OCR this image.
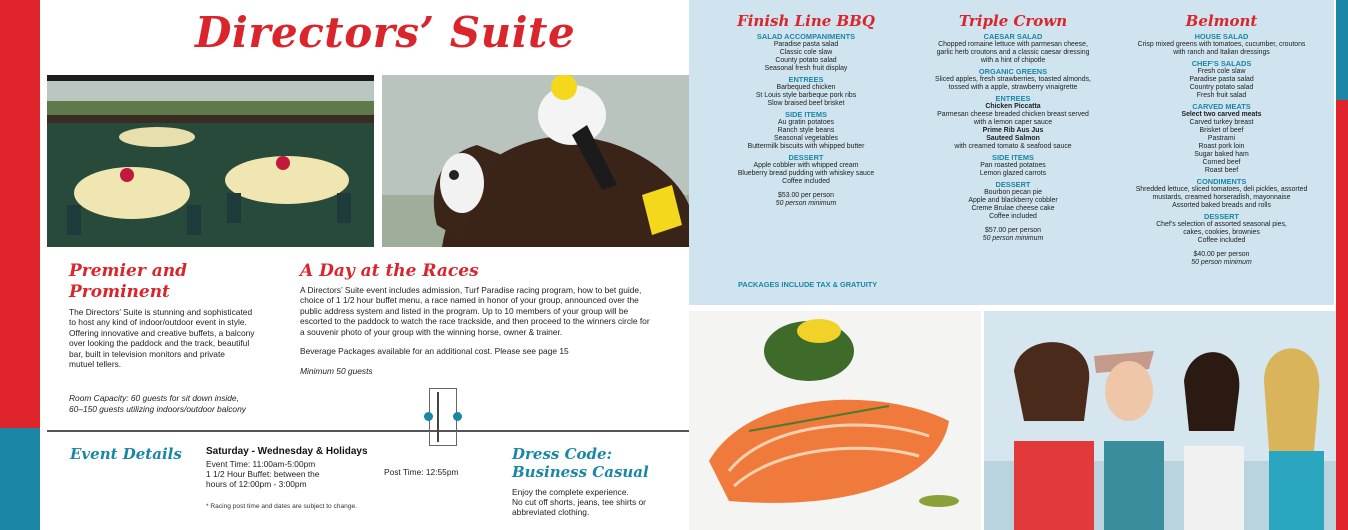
Directors’ Suite
Premier and
Prominent
The Directors’ Suite is stunning and sophisticated
to host any kind of indoor/outdoor event in style.
Offering innovative and creative buffets, a balcony
over looking the paddock and the track, beautiful
bar, built in television monitors and private
mutuel tellers.
Room Capacity: 60 guests for sit down inside,
60–150 guests utilizing indoors/outdoor balcony
A Day at the Races
A Directors’ Suite event includes admission, Turf Paradise racing program, how to bet guide,
choice of 1 1/2 hour buffet menu, a race named in honor of your group, announced over the
public address system and listed in the program. Up to 10 members of your group will be
escorted to the paddock to watch the race trackside, and then proceed to the winners circle for
a souvenir photo of your group with the winning horse, owner & trainer.
Beverage Packages available for an additional cost. Please see page 15
Minimum 50 guests
Event Details Saturday - Wednesday & Holidays
Event Time: 11:00am-5:00pm
1 1/2 Hour Buffet: between the
hours of 12:00pm - 3:00pm
Post Time: 12:55pm
* Racing post time and dates are subject to change.
Dress Code:
Business Casual
Enjoy the complete experience.
No cut off shorts, jeans, tee shirts or
abbreviated clothing.
Finish Line BBQ
SALAD ACCOMPANIMENTS
Paradise pasta salad
Classic cole slaw
County potato salad
Seasonal fresh fruit display
ENTREES
Barbequed chicken
St Louis style barbeque pork ribs
Slow braised beef brisket
SIDE ITEMS
Au gratin potatoes
Ranch style beans
Seasonal vegetables
Buttermilk biscuits with whipped butter
DESSERT
Apple cobbler with whipped cream
Blueberry bread pudding with whiskey sauce
Coffee included
$53.00 per person
50 person minimum
Triple Crown
CAESAR SALAD
Chopped romaine lettuce with parmesan cheese,
garlic herb croutons and a classic caesar dressing
with a hint of chipotle
ORGANIC GREENS
Sliced apples, fresh strawberries, toasted almonds,
tossed with a apple, strawberry vinaigrette
ENTREES
Chicken Piccatta
Parmesan cheese breaded chicken breast served
with a lemon caper sauce
Prime Rib Aus Jus
Sauteed Salmon
with creamed tomato & seafood sauce
SIDE ITEMS
Pan roasted potatoes
Lemon glazed carrots
DESSERT
Bourbon pecan pie
Apple and blackberry cobbler
Creme Brulae cheese cake
Coffee included
$57.00 per person
50 person minimum
Belmont
HOUSE SALAD
Crisp mixed greens with tomatoes, cucumber, croutons
with ranch and Italian dressings
CHEF’S SALADS
Fresh cole slaw
Paradise pasta salad
Country potato salad
Fresh fruit salad
CARVED MEATS
Select two carved meats
Carved turkey breast
Brisket of beef
Pastrami
Roast pork loin
Sugar baked ham
Corned beef
Roast beef
CONDIMENTS
Shredded lettuce, sliced tomatoes, deli pickles, assorted
mustards, creamed horseradish, mayonnaise
Assorted baked breads and rolls
DESSERT
Chef’s selection of assorted seasonal pies,
cakes, cookies, brownies
Coffee included
$40.00 per person
50 person minimum
PACKAGES INCLUDE TAX & GRATUITY
